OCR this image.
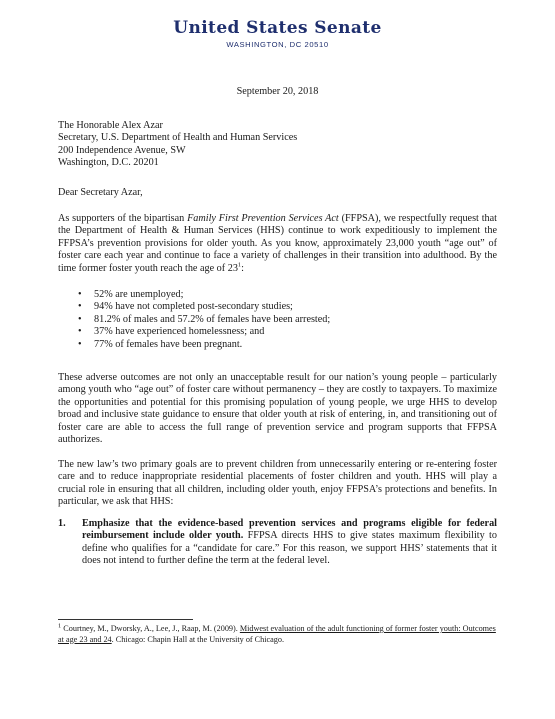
United States Senate
WASHINGTON, DC 20510
September 20, 2018
The Honorable Alex Azar
Secretary, U.S. Department of Health and Human Services
200 Independence Avenue, SW
Washington, D.C. 20201
Dear Secretary Azar,
As supporters of the bipartisan Family First Prevention Services Act (FFPSA), we respectfully request that the Department of Health & Human Services (HHS) continue to work expeditiously to implement the FFPSA’s prevention provisions for older youth. As you know, approximately 23,000 youth “age out” of foster care each year and continue to face a variety of challenges in their transition into adulthood. By the time former foster youth reach the age of $23^1$:
• 52% are unemployed;
• 94% have not completed post-secondary studies;
• 81.2% of males and 57.2% of females have been arrested;
• 37% have experienced homelessness; and
• 77% of females have been pregnant.
These adverse outcomes are not only an unacceptable result for our nation’s young people – particularly among youth who “age out” of foster care without permanency – they are costly to taxpayers. To maximize the opportunities and potential for this promising population of young people, we urge HHS to develop broad and inclusive state guidance to ensure that older youth at risk of entering, in, and transitioning out of foster care are able to access the full range of prevention service and program supports that FFPSA authorizes.
The new law’s two primary goals are to prevent children from unnecessarily entering or re-entering foster care and to reduce inappropriate residential placements of foster children and youth. HHS will play a crucial role in ensuring that all children, including older youth, enjoy FFPSA’s protections and benefits. In particular, we ask that HHS:
1. Emphasize that the evidence-based prevention services and programs eligible for federal reimbursement include older youth. FFPSA directs HHS to give states maximum flexibility to define who qualifies for a “candidate for care.” For this reason, we support HHS’ statements that it does not intend to further define the term at the federal level.
$^1$ Courtney, M., Dworsky, A., Lee, J., Raap, M. (2009). Midwest evaluation of the adult functioning of former foster youth: Outcomes at age 23 and 24. Chicago: Chapin Hall at the University of Chicago.
